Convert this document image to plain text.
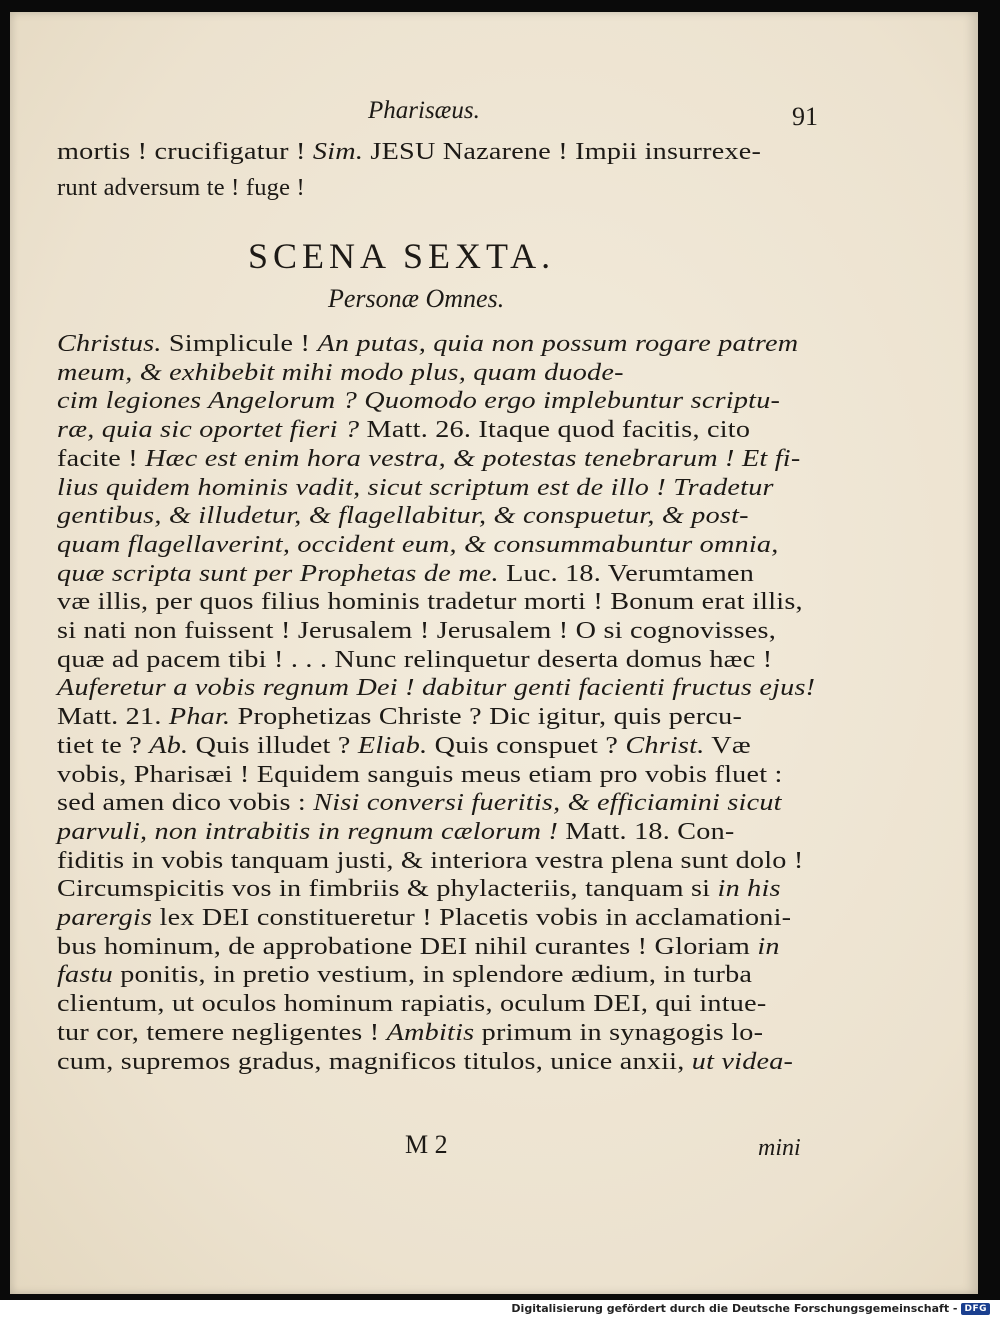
Pharisæus.	91
SCENA SEXTA.
Personæ Omnes.
mortis ! crucifigatur ! Sim. JESU Nazarene ! Impii insurrexe-
runt adversum te ! fuge !
Christus. Simplicule ! An putas, quia non possum rogare patrem
meum, & exhibebit mihi modo plus, quam duode-
cim legiones Angelorum ? Quomodo ergo implebuntur scriptu-
ræ, quia sic oportet fieri ? Matt. 26. Itaque quod facitis, cito
facite ! Hæc est enim hora vestra, & potestas tenebrarum ! Et fi-
lius quidem hominis vadit, sicut scriptum est de illo ! Tradetur
gentibus, & illudetur, & flagellabitur, & conspuetur, & post-
quam flagellaverint, occident eum, & consummabuntur omnia,
quæ scripta sunt per Prophetas de me. Luc. 18. Verumtamen
væ illis, per quos filius hominis tradetur morti ! Bonum erat illis,
si nati non fuissent ! Jerusalem ! Jerusalem ! O si cognovisses,
quæ ad pacem tibi ! . . . Nunc relinquetur deserta domus hæc !
Auferetur a vobis regnum Dei ! dabitur genti facienti fructus ejus!
Matt. 21. Phar. Prophetizas Christe ? Dic igitur, quis percu-
tiet te ? Ab. Quis illudet ? Eliab. Quis conspuet ? Christ. Væ
vobis, Pharisæi ! Equidem sanguis meus etiam pro vobis fluet :
sed amen dico vobis : Nisi conversi fueritis, & efficiamini sicut
parvuli, non intrabitis in regnum cælorum ! Matt. 18. Con-
fiditis in vobis tanquam justi, & interiora vestra plena sunt dolo !
Circumspicitis vos in fimbriis & phylacteriis, tanquam si in his
parergis lex DEI constitueretur ! Placetis vobis in acclamationi-
bus hominum, de approbatione DEI nihil curantes ! Gloriam in
fastu ponitis, in pretio vestium, in splendore ædium, in turba
clientum, ut oculos hominum rapiatis, oculum DEI, qui intue-
tur cor, temere negligentes ! Ambitis primum in synagogis lo-
cum, supremos gradus, magnificos titulos, unice anxii, ut videa-
M 2	mini
Digitalisierung gefördert durch die Deutsche Forschungsgemeinschaft - DFG
